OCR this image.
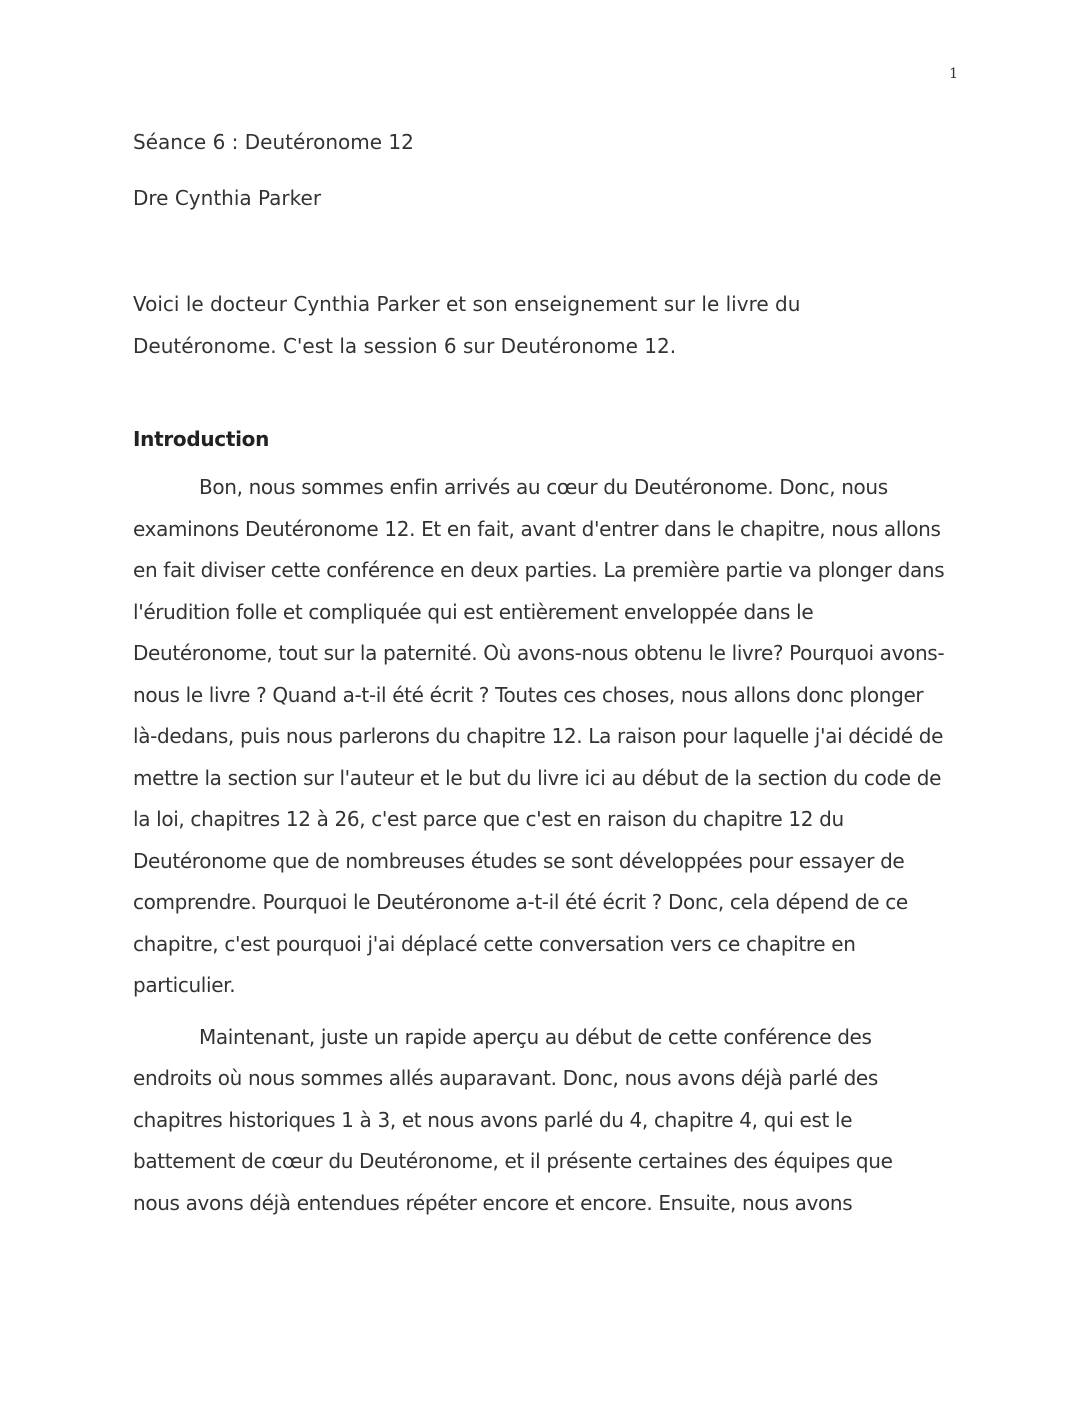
1
Séance 6 : Deutéronome 12
Dre Cynthia Parker

Voici le docteur Cynthia Parker et son enseignement sur le livre du Deutéronome. C'est la session 6 sur Deutéronome 12.

Introduction

Bon, nous sommes enfin arrivés au cœur du Deutéronome. Donc, nous examinons Deutéronome 12. Et en fait, avant d'entrer dans le chapitre, nous allons en fait diviser cette conférence en deux parties. La première partie va plonger dans l'érudition folle et compliquée qui est entièrement enveloppée dans le Deutéronome, tout sur la paternité. Où avons-nous obtenu le livre? Pourquoi avons-nous le livre ? Quand a-t-il été écrit ? Toutes ces choses, nous allons donc plonger là-dedans, puis nous parlerons du chapitre 12. La raison pour laquelle j'ai décidé de mettre la section sur l'auteur et le but du livre ici au début de la section du code de la loi, chapitres 12 à 26, c'est parce que c'est en raison du chapitre 12 du Deutéronome que de nombreuses études se sont développées pour essayer de comprendre. Pourquoi le Deutéronome a-t-il été écrit ? Donc, cela dépend de ce chapitre, c'est pourquoi j'ai déplacé cette conversation vers ce chapitre en particulier.

Maintenant, juste un rapide aperçu au début de cette conférence des endroits où nous sommes allés auparavant. Donc, nous avons déjà parlé des chapitres historiques 1 à 3, et nous avons parlé du 4, chapitre 4, qui est le battement de cœur du Deutéronome, et il présente certaines des équipes que nous avons déjà entendues répéter encore et encore. Ensuite, nous avons
